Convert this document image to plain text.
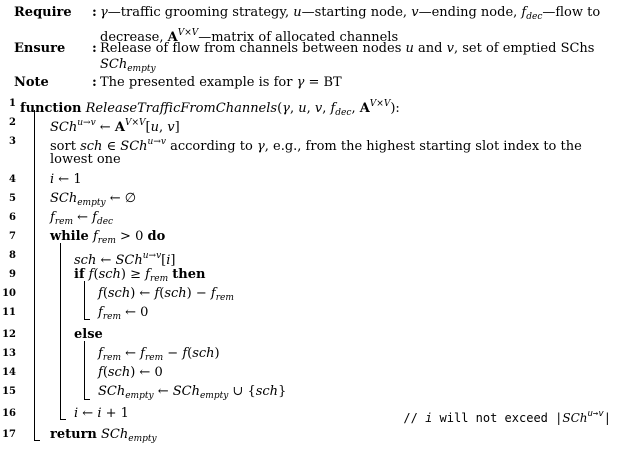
Require : γ—traffic grooming strategy, u—starting node, v—ending node, $f_{dec}—flow$ to decrease, $A^{V\times V}—matrix$ of allocated channels
Ensure : Release of flow from channels between nodes u and v, set of emptied SChs SCh$_{empty}$
Note	: The presented example is for γ = BT
1 function ReleaseTrafficFromChannels(γ, u, v, $f_{dec}$, $A^{V\times V}$):
2	SCh$^{u\to v}$ ← $A^{V\times V}[u$, v]
3	sort sch ∈ SCh$^{u\to v}$ according to γ, e.g., from the highest starting slot index to the
lowest one
4	i ← 1
5	SCh$_{empty}$ ← ∅
6	$f_{rem}$ ← $f_{dec}$
7	while $f_{rem} > 0$ do
8	sch ← SCh$^{u\to v}$[i]
9	if $f(sch) \ge f_{rem}$ then
10	f(sch) ← $f(sch) - f_{rem}$
11	$f_{rem}$ ← 0
12	else
13	$f_{rem}$ ← $f_{rem} - f(sch)$
14	f(sch) ← 0
15	SCh$_{empty}$ ← SCh$_{empty}$ ∪ {sch}
16	i ← i + 1	// i will not exceed |SCh$^{u\to v}$|
17	return SCh$_{empty}$
